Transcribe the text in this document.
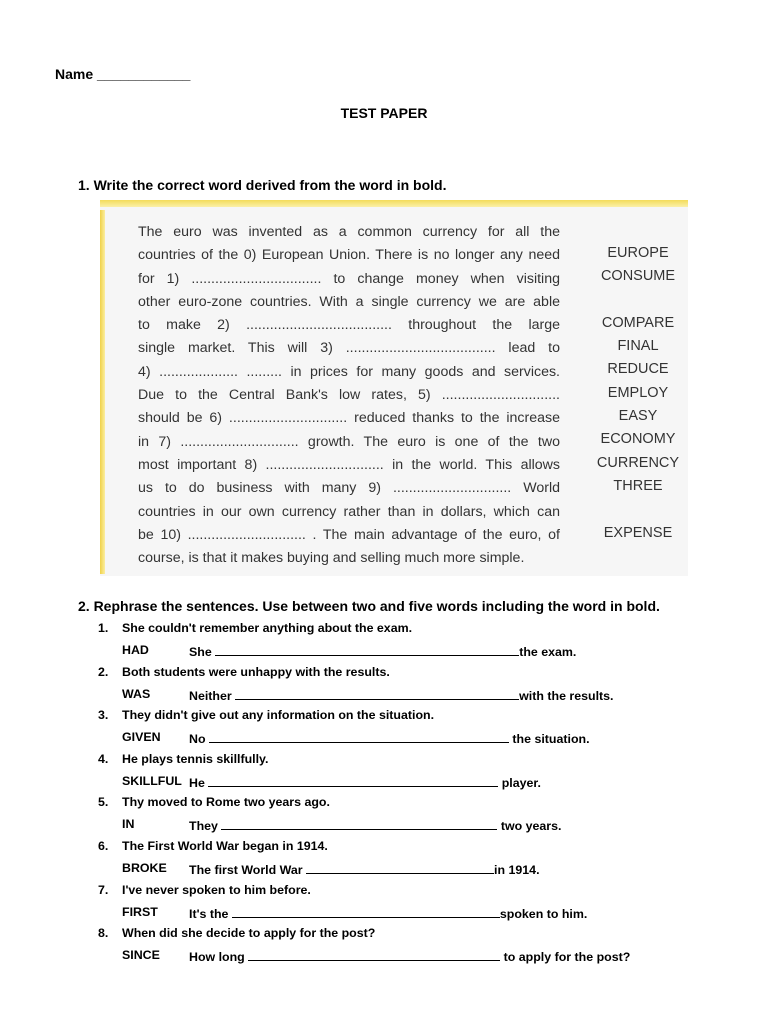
Name ____________
TEST PAPER
1. Write the correct word derived from the word in bold.
The euro was invented as a common currency for all the
countries of the 0) European Union. There is no longer any need
for 1) ................................. to change money when visiting
other euro-zone countries. With a single currency we are able
to make 2) ..................................... throughout the large
single market. This will 3) ...................................... lead to
4) .................... ......... in prices for many goods and services.
Due to the Central Bank's low rates, 5) ..............................
should be 6) .............................. reduced thanks to the increase
in 7) .............................. growth. The euro is one of the two
most important 8) .............................. in the world. This allows
us to do business with many 9) .............................. World
countries in our own currency rather than in dollars, which can
be 10) .............................. . The main advantage of the euro, of
course, is that it makes buying and selling much more simple.
EUROPE
CONSUME
COMPARE
FINAL
REDUCE
EMPLOY
EASY
ECONOMY
CURRENCY
THREE
EXPENSE
2. Rephrase the sentences. Use between two and five words including the word in bold.
1.	She couldn't remember anything about the exam.
HAD	She	the exam.
2.	Both students were unhappy with the results.
WAS	Neither	with the results.
3.	They didn't give out any information on the situation.
GIVEN No	the situation.
4.	He plays tennis skillfully.
SKILLFUL He	player.
5.	Thy moved to Rome two years ago.
IN	They	two years.
6.	The First World War began in 1914.
BROKE The first World War	in 1914.
7.	I've never spoken to him before.
FIRST	It's the	spoken to him.
8.	When did she decide to apply for the post?
SINCE How long	to apply for the post?
